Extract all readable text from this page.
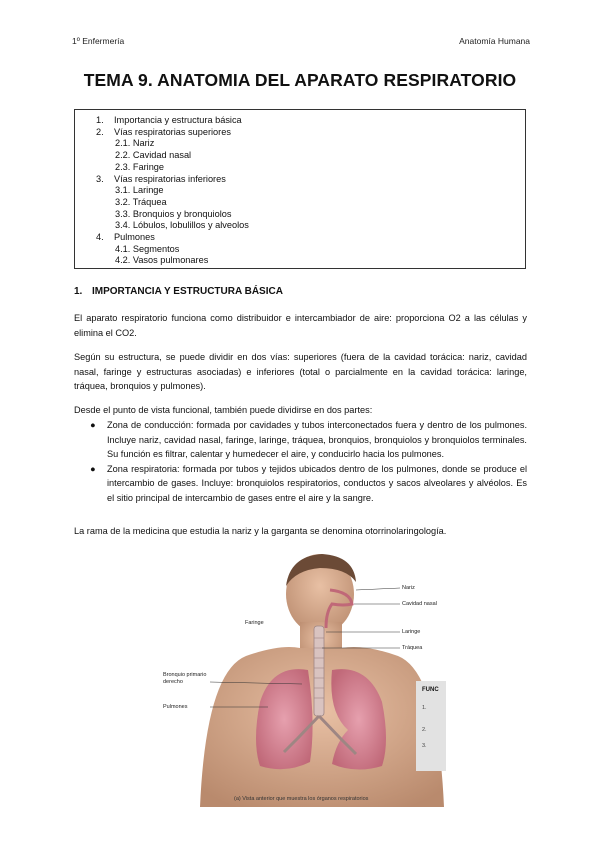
1º Enfermería	Anatomía Humana
TEMA 9. ANATOMIA DEL APARATO RESPIRATORIO
1. Importancia y estructura básica
2. Vías respiratorias superiores
2.1. Nariz
2.2. Cavidad nasal
2.3. Faringe
3. Vías respiratorias inferiores
3.1. Laringe
3.2. Tráquea
3.3. Bronquios y bronquiolos
3.4. Lóbulos, lobulillos y alveolos
4. Pulmones
4.1. Segmentos
4.2. Vasos pulmonares
1. IMPORTANCIA Y ESTRUCTURA BÁSICA

El aparato respiratorio funciona como distribuidor e intercambiador de aire: proporciona O2 a las células y elimina el CO2.

Según su estructura, se puede dividir en dos vías: superiores (fuera de la cavidad torácica: nariz, cavidad nasal, faringe y estructuras asociadas) e inferiores (total o parcialmente en la cavidad torácica: laringe, tráquea, bronquios y pulmones).

Desde el punto de vista funcional, también puede dividirse en dos partes:

● Zona de conducción: formada por cavidades y tubos interconectados fuera y dentro de los pulmones. Incluye nariz, cavidad nasal, faringe, laringe, tráquea, bronquios, bronquiolos y bronquiolos terminales. Su función es filtrar, calentar y humedecer el aire, y conducirlo hacia los pulmones.
● Zona respiratoria: formada por tubos y tejidos ubicados dentro de los pulmones, donde se produce el intercambio de gases. Incluye: bronquiolos respiratorios, conductos y sacos alveolares y alvéolos. Es el sitio principal de intercambio de gases entre el aire y la sangre.

La rama de la medicina que estudia la nariz y la garganta se denomina otorrinolaringología.

Nariz
Cavidad nasal
Faringe
Laringe
Tráquea
Bronquio primario derecho
Pulmones
FUNC
1.
2.
3.
(a) Vista anterior que muestra los órganos respiratorios
